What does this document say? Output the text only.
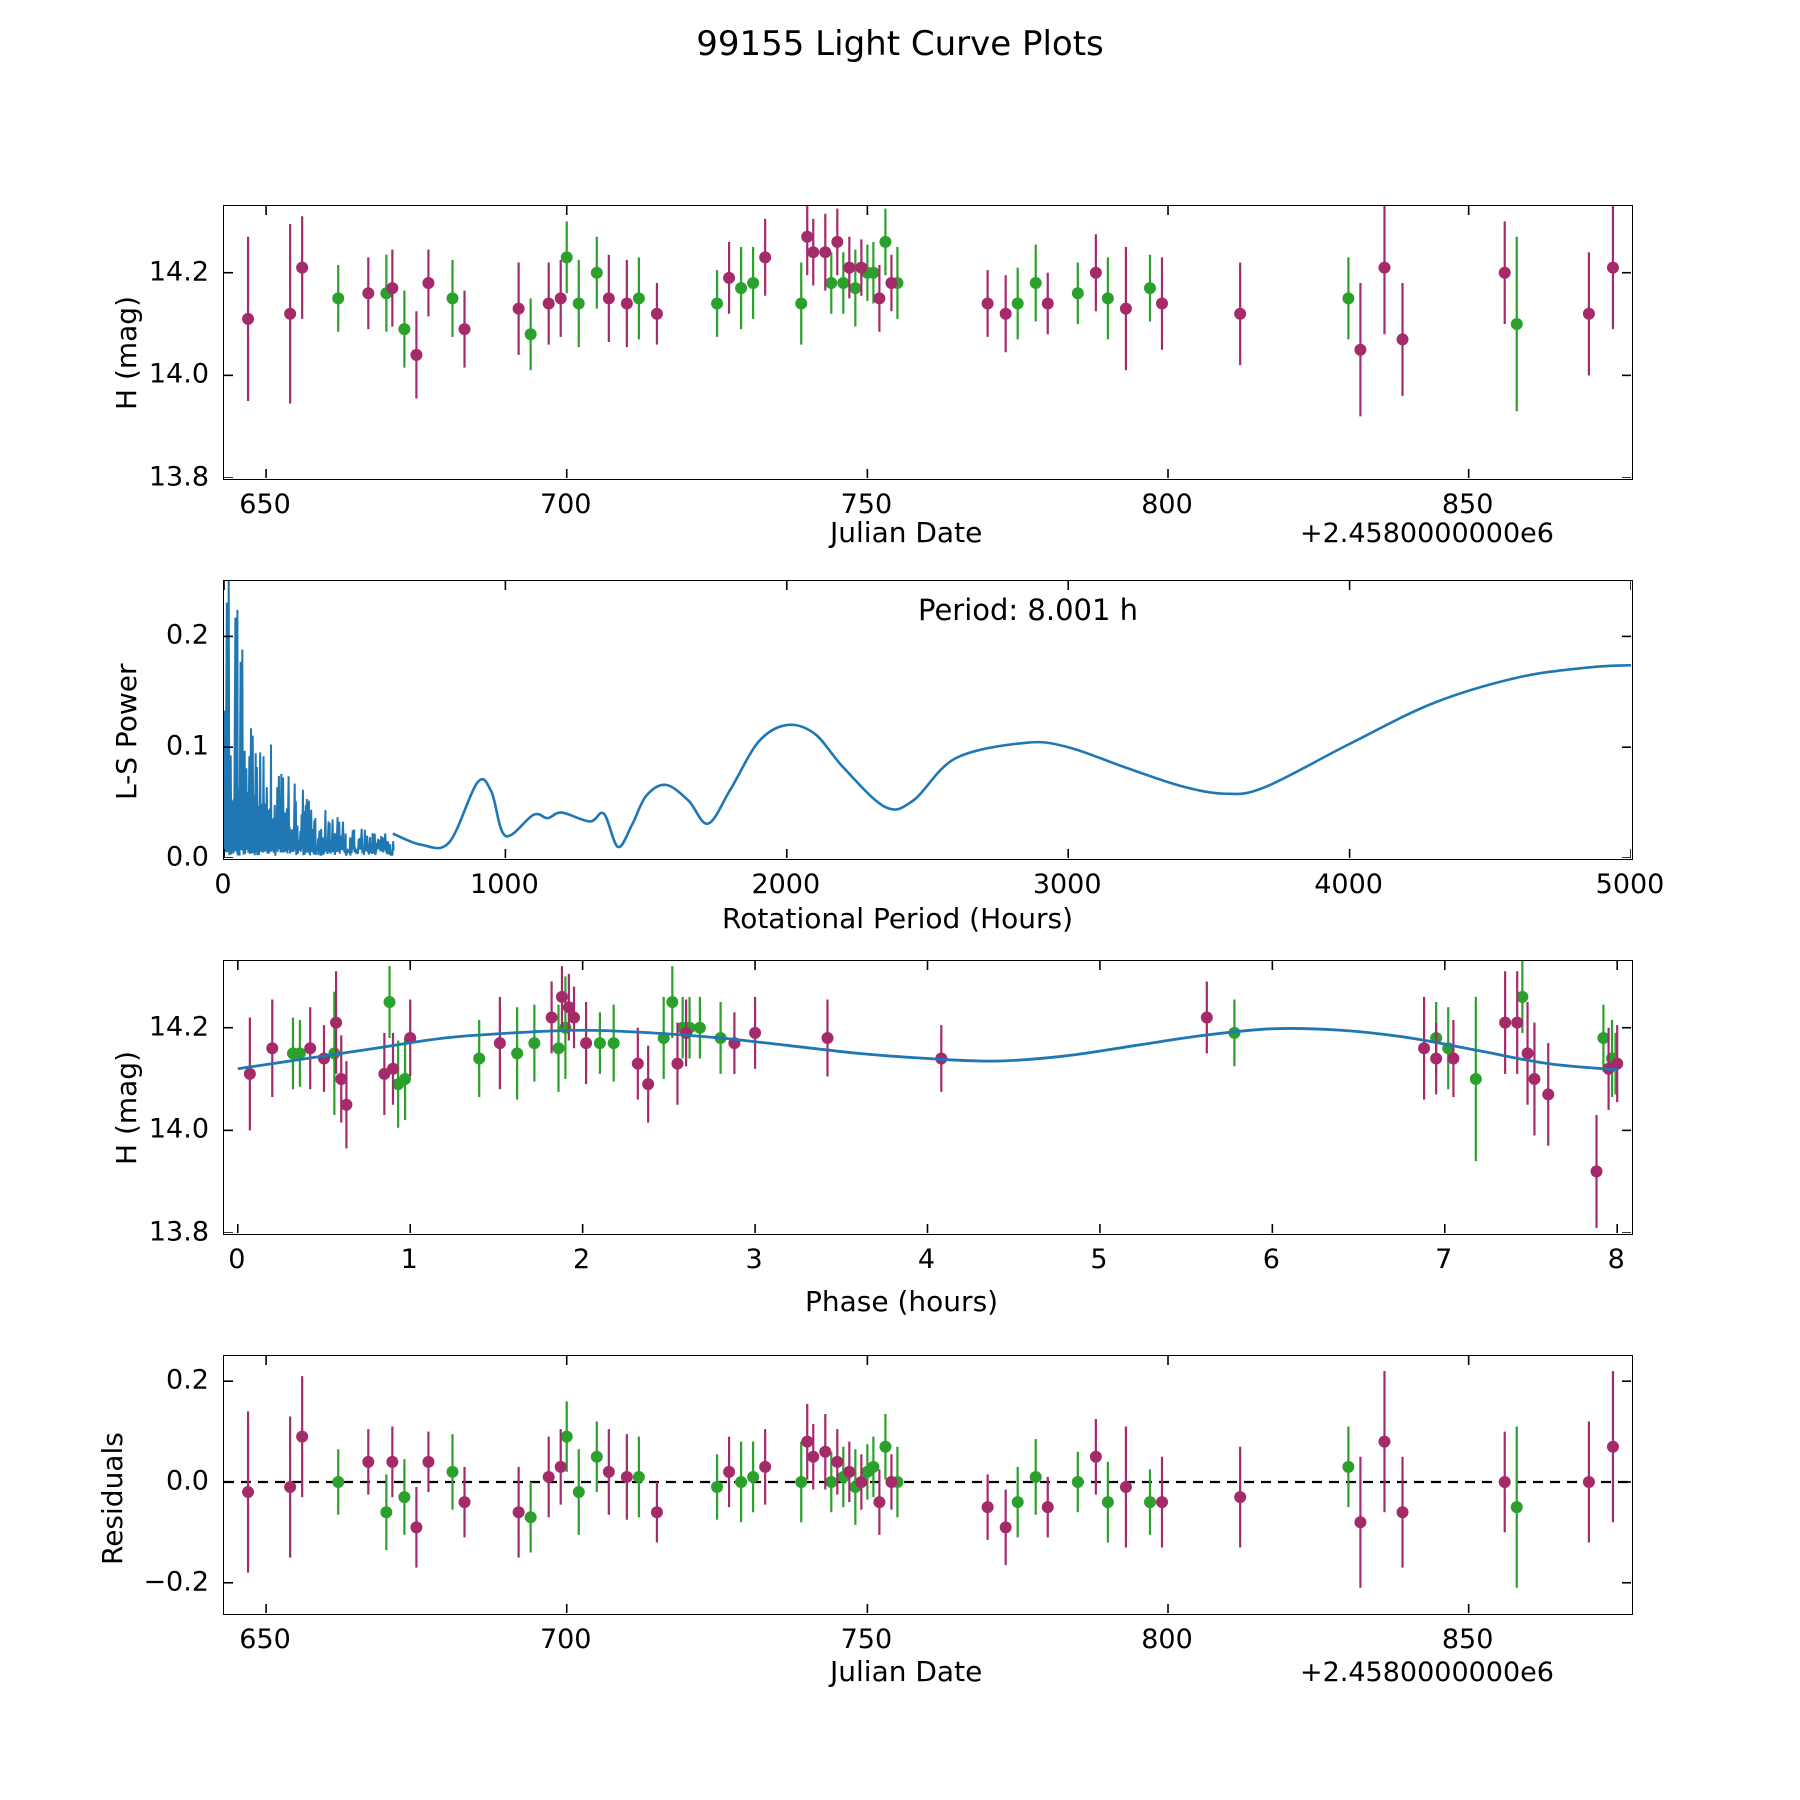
99155 Light Curve Plots
H (mag)
Julian Date	+2.4580000000e6
650	700	750	800	850
13.8
14.0
14.2
L-S Power
Rotational Period (Hours)
Period: 8.001 h
0	1000	2000	3000	4000	5000
0.0
0.1
0.2
H (mag)
Phase (hours)
0	1	2	3	4	5	6	7	8
13.8
14.0
14.2
Residuals
Julian Date	+2.4580000000e6
650	700	750	800	850
−0.2
0.0
0.2
